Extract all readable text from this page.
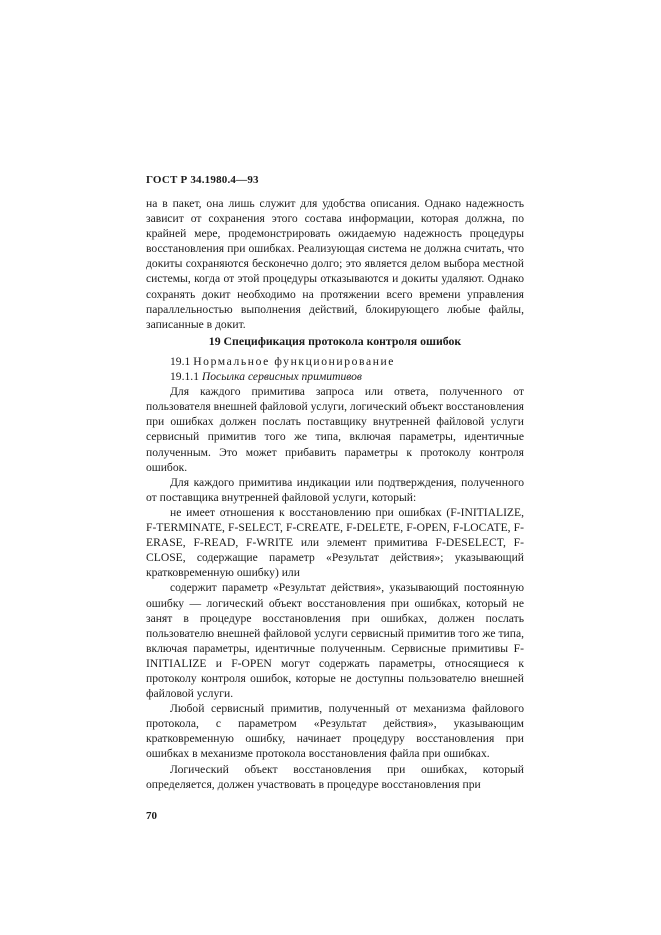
ГОСТ Р 34.1980.4—93

на в пакет, она лишь служит для удобства описания. Однако надежность зависит от сохранения этого состава информации, которая должна, по крайней мере, продемонстрировать ожидаемую надежность процедуры восстановления при ошибках. Реализующая система не должна считать, что докиты сохраняются бесконечно долго; это является делом выбора местной системы, когда от этой процедуры отказываются и докиты удаляют. Однако сохранять докит необходимо на протяжении всего времени управления параллельностью выполнения действий, блокирующего любые файлы, записанные в докит.

19 Спецификация протокола контроля ошибок

19.1 Нормальное функционирование

19.1.1 Посылка сервисных примитивов

Для каждого примитива запроса или ответа, полученного от пользователя внешней файловой услуги, логический объект восстановления при ошибках должен послать поставщику внутренней файловой услуги сервисный примитив того же типа, включая параметры, идентичные полученным. Это может прибавить параметры к протоколу контроля ошибок.

Для каждого примитива индикации или подтверждения, полученного от поставщика внутренней файловой услуги, который:

не имеет отношения к восстановлению при ошибках (F-INITIALIZE, F-TERMINATE, F-SELECT, F-CREATE, F-DELETE, F-OPEN, F-LOCATE, F-ERASE, F-READ, F-WRITE или элемент примитива F-DESELECT, F-CLOSE, содержащие параметр «Результат действия»; указывающий кратковременную ошибку) или

содержит параметр «Результат действия», указывающий постоянную ошибку — логический объект восстановления при ошибках, который не занят в процедуре восстановления при ошибках, должен послать пользователю внешней файловой услуги сервисный примитив того же типа, включая параметры, идентичные полученным. Сервисные примитивы F-INITIALIZE и F-OPEN могут содержать параметры, относящиеся к протоколу контроля ошибок, которые не доступны пользователю внешней файловой услуги.

Любой сервисный примитив, полученный от механизма файлового протокола, с параметром «Результат действия», указывающим кратковременную ошибку, начинает процедуру восстановления при ошибках в механизме протокола восстановления файла при ошибках.

Логический объект восстановления при ошибках, который определяется, должен участвовать в процедуре восстановления при

70
